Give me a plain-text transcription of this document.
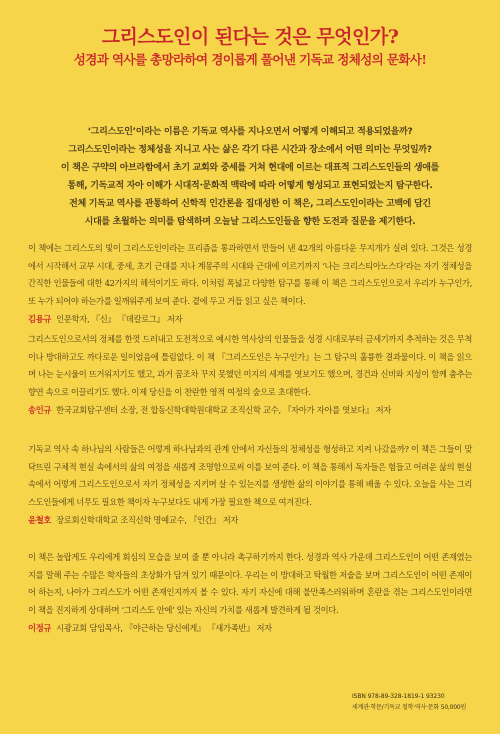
그리스도인이 된다는 것은 무엇인가?
성경과 역사를 총망라하여 경이롭게 풀어낸 기독교 정체성의 문화사!

‘그리스도인’이라는 이름은 기독교 역사를 지나오면서 어떻게 이해되고 적용되었을까?

그리스도인이라는 정체성을 지니고 사는 삶은 각기 다른 시간과 장소에서 어떤 의미는 무엇일까?

이 책은 구약의 아브라함에서 초기 교회와 중세를 거쳐 현대에 이르는 대표적 그리스도인들의 생애를

통해, 기독교적 자아 이해가 시대적·문화적 맥락에 따라 어떻게 형성되고 표현되었는지 탐구한다.

전체 기독교 역사를 관통하여 신학적 인간론을 집대성한 이 책은, 그리스도인이라는 고백에 담긴

시대를 초월하는 의미를 탐색하며 오늘날 그리스도인들을 향한 도전과 질문을 제기한다.

이 책에는 그리스도의 빛이 그리스도인이라는 프리즘을 통과하면서 만들어 낸 42개의 아름다운 무지개가 실려 있다. 그것은 성경에서 시작해서 교부 시대, 중세, 초기 근대를 지나 계몽주의 시대와 근대에 이르기까지 ‘나는 크리스티아노스다’라는 자기 정체성을 간직한 인물들에 대한 42가지의 해석이기도 하다. 이처럼 폭넓고 다양한 탐구를 통해 이 책은 그리스도인으로서 우리가 누구인가, 또 누가 되어야 하는가를 일깨워주게 보여 준다. 곁에 두고 거듭 읽고 싶은 책이다.

김용규 인문학자, 『신』 『데칼로그』 저자

그리스도인으로서의 정체를 한껏 드러내고 도전적으로 예시한 역사상의 인물들을 성경 시대로부터 금세기까지 추적하는 것은 무척이나 방대하고도 까다로운 일이었음에 틀림없다. 이 책 『그리스도인은 누구인가』는 그 탐구의 훌륭한 결과물이다. 이 책을 읽으며 나는 눈시울이 뜨거워지기도 했고, 과거 꿈조차 꾸지 못했던 미지의 세계를 엿보기도 했으며, 경건과 신비와 지성이 함께 춤추는 향연 속으로 이끌리기도 했다. 이제 당신을 이 찬란한 영적 여정의 숲으로 초대한다.

송인규 한국교회탐구센터 소장, 전 합동신학대학원대학교 조직신학 교수, 『자아가 자아를 엿보다』 저자

기독교 역사 속 하나님의 사람들은 어떻게 하나님과의 관계 안에서 자신들의 정체성을 형성하고 지켜 나갔을까? 이 책은 그들이 맞닥뜨린 구체적 현실 속에서의 삶의 여정을 새롭게 조명함으로써 이를 보여 준다. 이 책을 통해서 독자들은 험들고 어려운 삶의 현실 속에서 어떻게 그리스도인으로서 자기 정체성을 지키며 살 수 있는지를 생생한 삶의 이야기를 통해 배울 수 있다. 오늘을 사는 그리스도인들에게 너무도 필요한 책이자 누구보다도 내게 가장 필요한 책으로 여겨진다.

윤철호 장로회신학대학교 조직신학 명예교수, 『인간』 저자

이 책은 놀랍게도 우리에게 회심의 모습을 보여 줄 뿐 아니라 촉구하기까지 한다. 성경과 역사 가운데 그리스도인이 어떤 존재였는지를 말해 주는 수많은 학자들의 초상화가 담겨 있기 때문이다. 우리는 이 방대하고 탁월한 저술을 보며 그리스도인이 어떤 존재이어 하는지, 나아가 그리스도가 어떤 존재인지까지 볼 수 있다. 자기 자신에 대해 불만족스러워하며 혼란을 겪는 그리스도인이라면 이 책을 진지하게 상대하며 ‘그리스도 안에’ 있는 자신의 가치를 새롭게 발견하게 될 것이다.

이정규 시광교회 담임목사, 『야근하는 당신에게』 『새가족반』 저자
ISBN 978-89-328-1819-1 93230
세계관·학문/기독교 철학·역사·문화 50,000원
